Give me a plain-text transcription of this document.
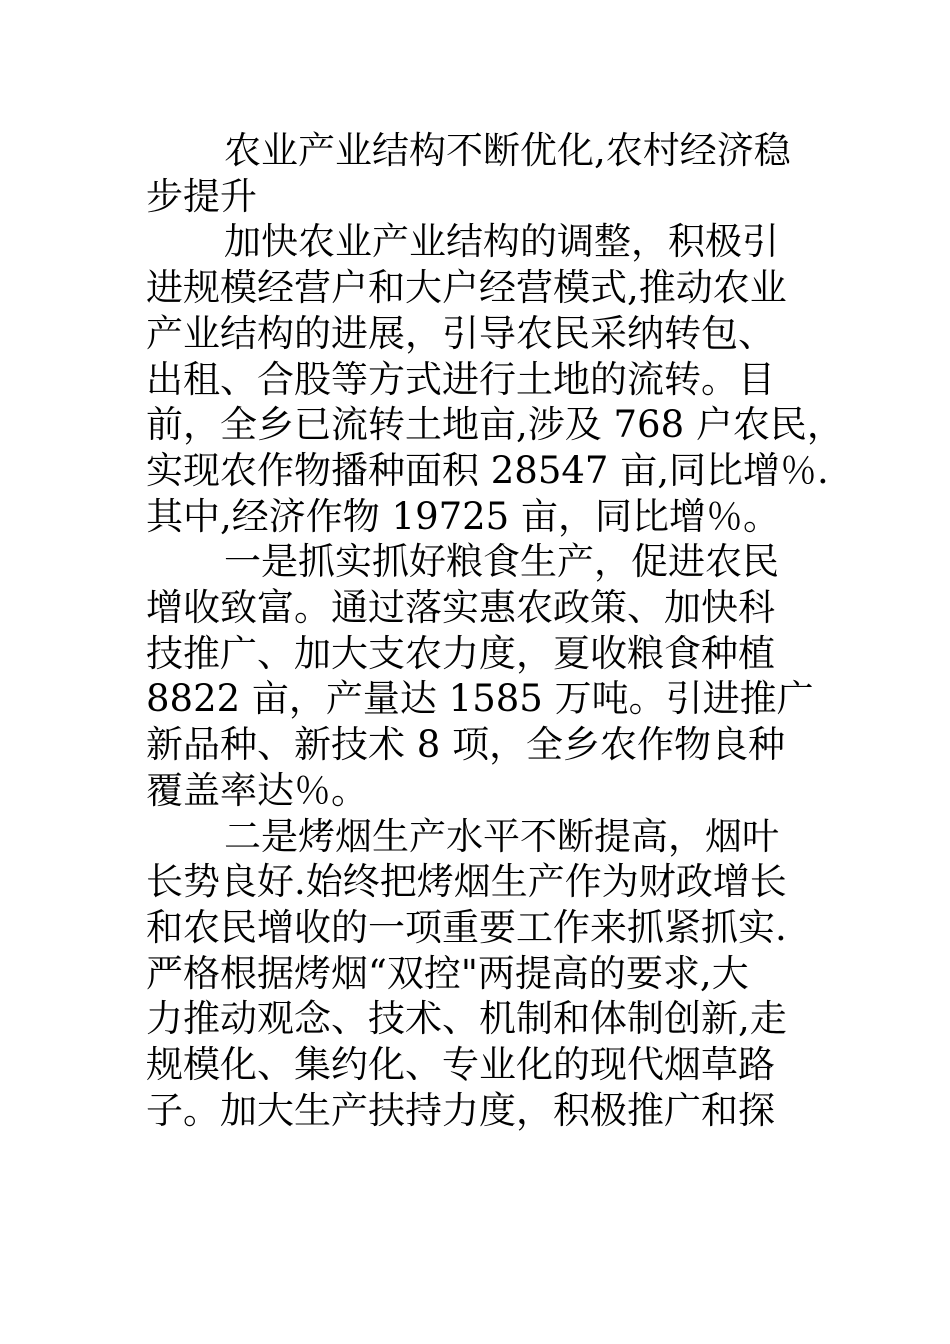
农业产业结构不断优化,农村经济稳
步提升
加快农业产业结构的调整，积极引
进规模经营户和大户经营模式,推动农业
产业结构的进展，引导农民采纳转包、
出租、合股等方式进行土地的流转。目
前，全乡已流转土地亩,涉及 768 户农民，
实现农作物播种面积 28547 亩,同比增％.
其中,经济作物 19725 亩，同比增％。
一是抓实抓好粮食生产，促进农民
增收致富。通过落实惠农政策、加快科
技推广、加大支农力度，夏收粮食种植
8822 亩，产量达 1585 万吨。引进推广
新品种、新技术 8 项，全乡农作物良种
覆盖率达％。
二是烤烟生产水平不断提高，烟叶
长势良好.始终把烤烟生产作为财政增长
和农民增收的一项重要工作来抓紧抓实.
严格根据烤烟“双控"两提高的要求,大
力推动观念、技术、机制和体制创新,走
规模化、集约化、专业化的现代烟草路
子。加大生产扶持力度，积极推广和探
